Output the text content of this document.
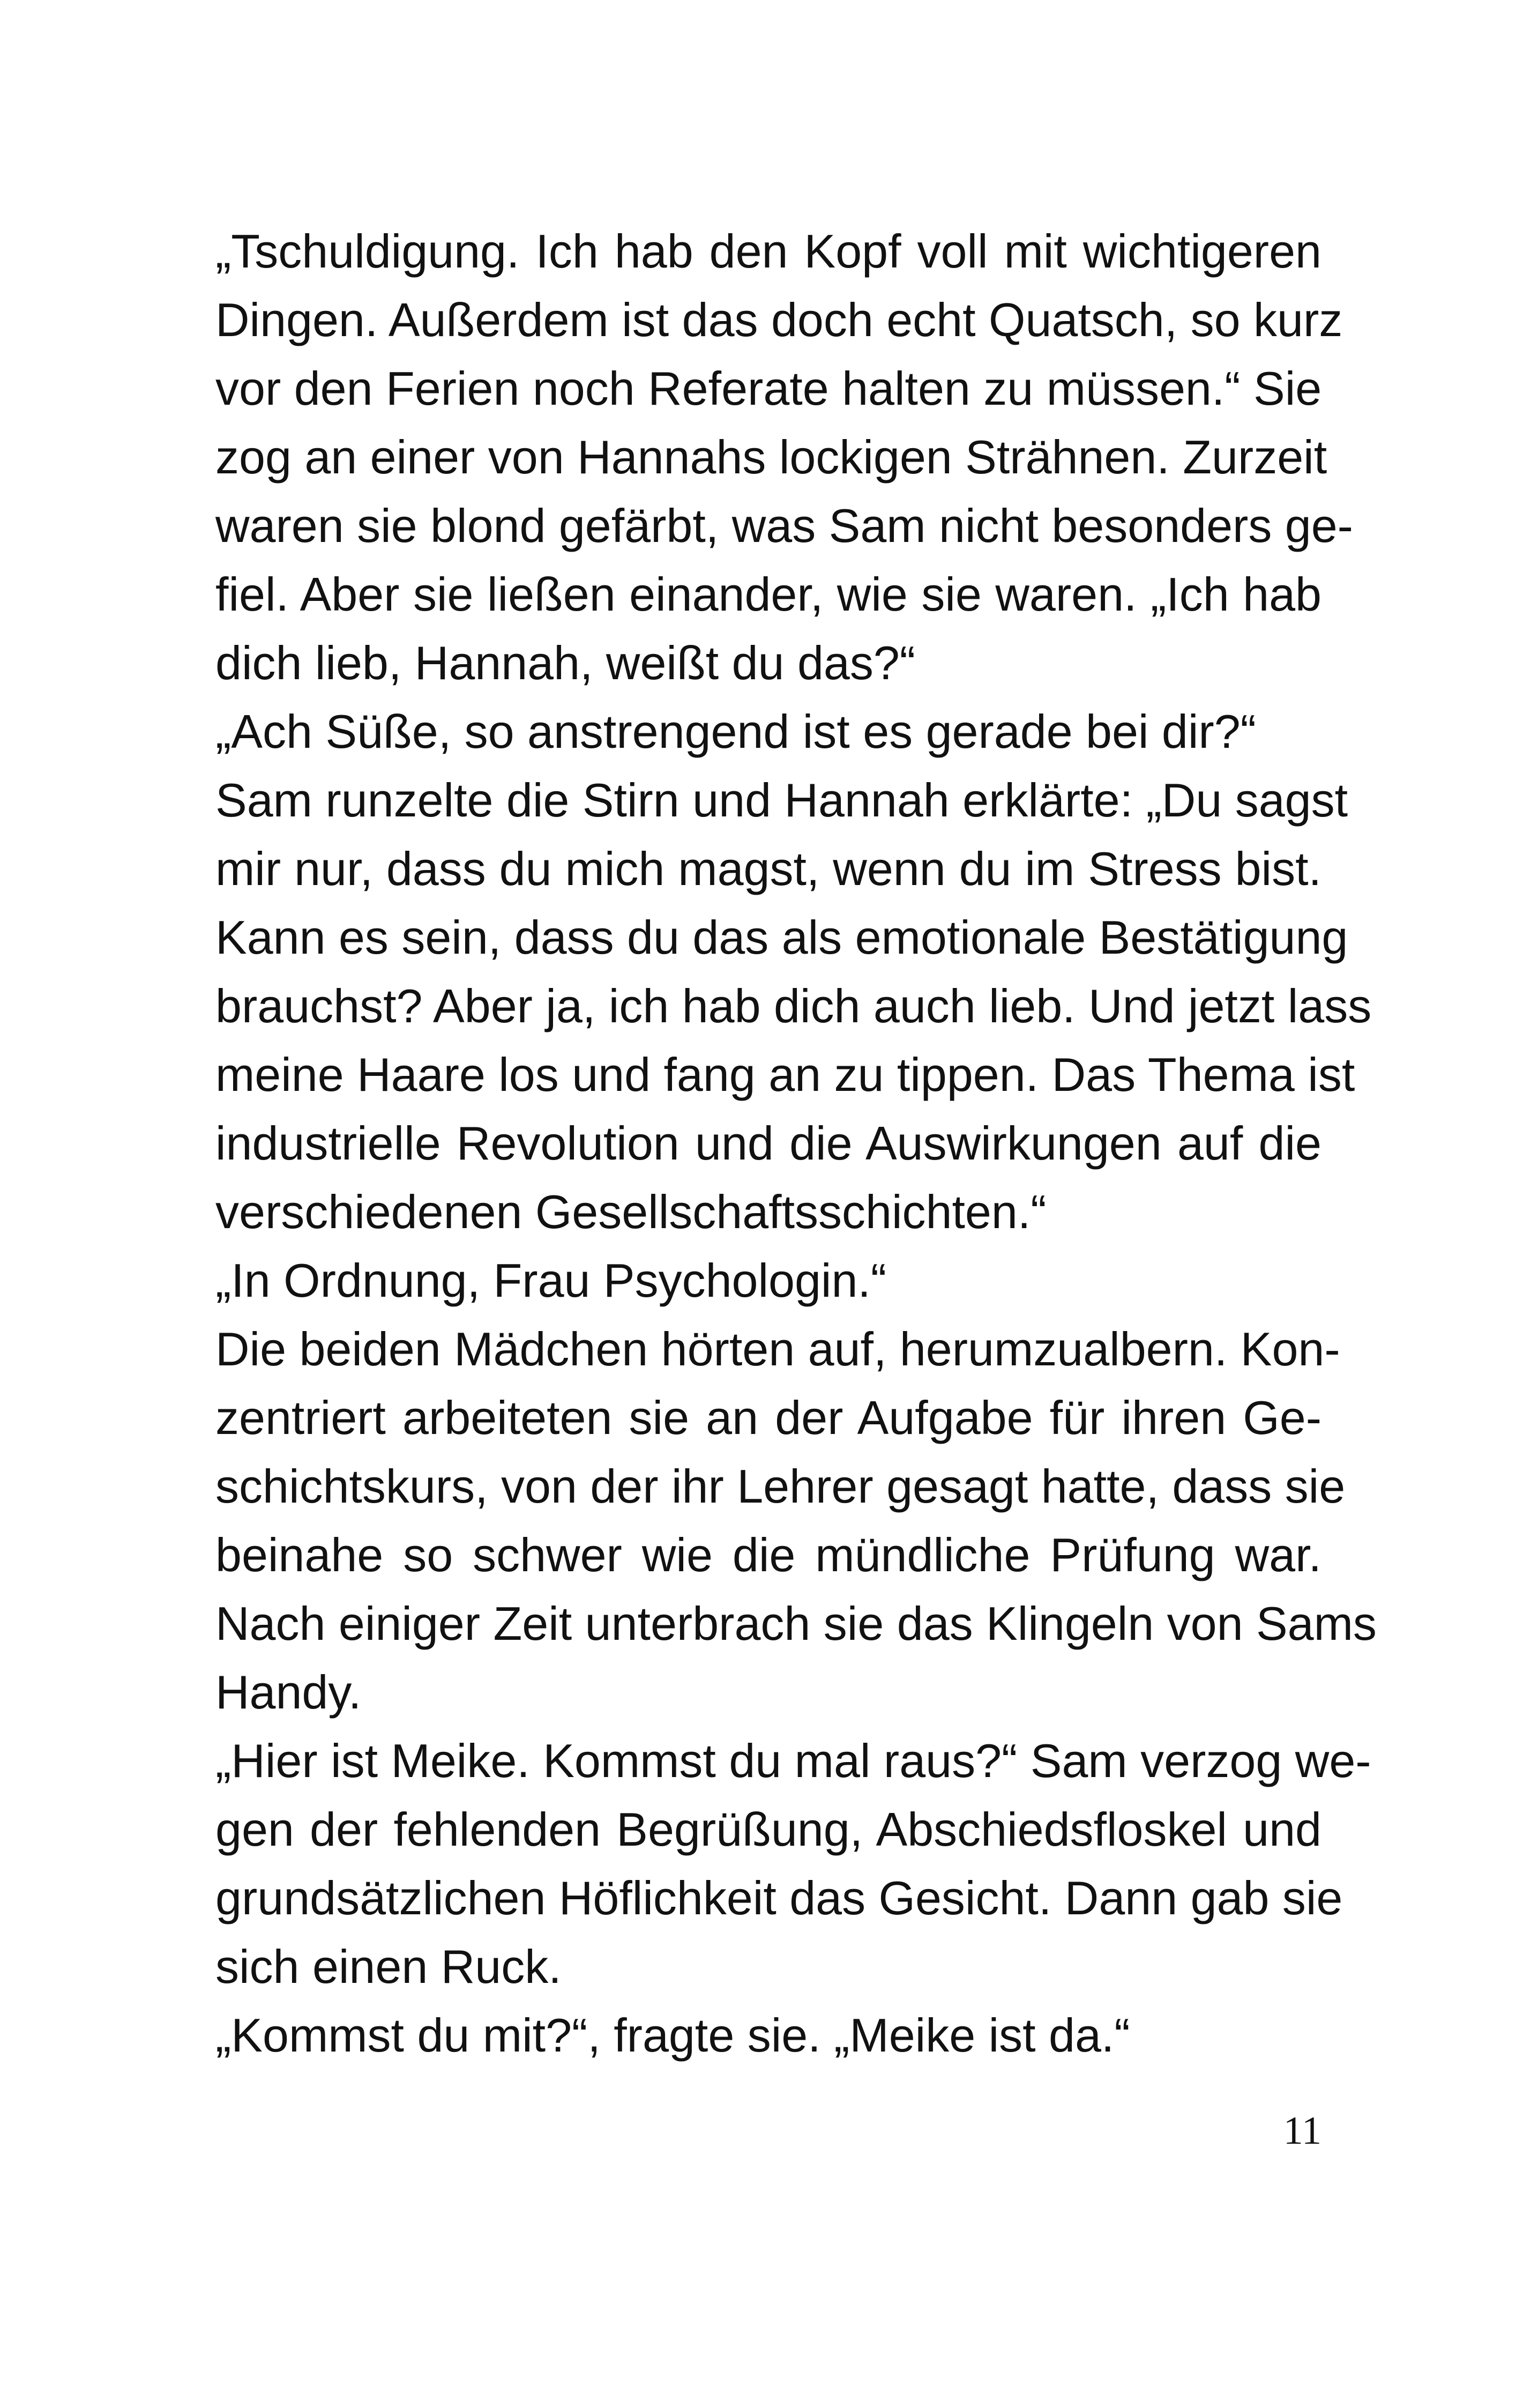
„Tschuldigung. Ich hab den Kopf voll mit wichtigeren
Dingen. Außerdem ist das doch echt Quatsch, so kurz
vor den Ferien noch Referate halten zu müssen.“ Sie
zog an einer von Hannahs lockigen Strähnen. Zurzeit
waren sie blond gefärbt, was Sam nicht besonders ge-
fiel. Aber sie ließen einander, wie sie waren. „Ich hab
dich lieb, Hannah, weißt du das?“
„Ach Süße, so anstrengend ist es gerade bei dir?“
Sam runzelte die Stirn und Hannah erklärte: „Du sagst
mir nur, dass du mich magst, wenn du im Stress bist.
Kann es sein, dass du das als emotionale Bestätigung
brauchst? Aber ja, ich hab dich auch lieb. Und jetzt lass
meine Haare los und fang an zu tippen. Das Thema ist
industrielle Revolution und die Auswirkungen auf die
verschiedenen Gesellschaftsschichten.“
„In Ordnung, Frau Psychologin.“
Die beiden Mädchen hörten auf, herumzualbern. Kon-
zentriert arbeiteten sie an der Aufgabe für ihren Ge-
schichtskurs, von der ihr Lehrer gesagt hatte, dass sie
beinahe so schwer wie die mündliche Prüfung war.
Nach einiger Zeit unterbrach sie das Klingeln von Sams
Handy.
„Hier ist Meike. Kommst du mal raus?“ Sam verzog we-
gen der fehlenden Begrüßung, Abschiedsfloskel und
grundsätzlichen Höflichkeit das Gesicht. Dann gab sie
sich einen Ruck.
„Kommst du mit?“, fragte sie. „Meike ist da.“
11
